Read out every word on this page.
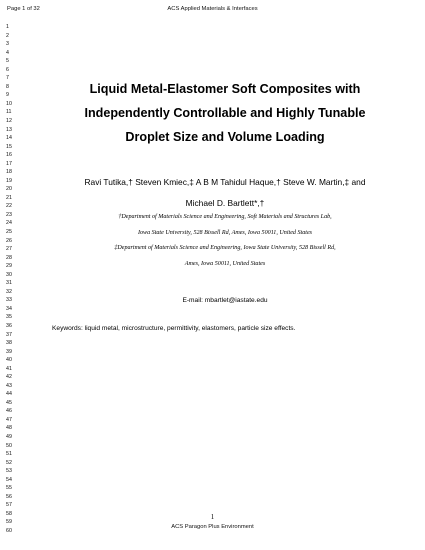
Page 1 of 32	ACS Applied Materials & Interfaces
1
2
3
4
5
6
7
8
9
10
11
12
13
14
15
16
17
18
19
20
21
22
23
24
25
26
27
28
29
30
31
32
33
34
35
36
37
38
39
40
41
42
43
44
45
46
47
48
49
50
51
52
53
54
55
56
57
58
59
60
Liquid Metal-Elastomer Soft Composites with
Independently Controllable and Highly Tunable
Droplet Size and Volume Loading
Ravi Tutika,† Steven Kmiec,‡ A B M Tahidul Haque,† Steve W. Martin,‡ and
Michael D. Bartlett*,†
†Department of Materials Science and Engineering, Soft Materials and Structures Lab,
Iowa State University, 528 Bissell Rd, Ames, Iowa 50011, United States
‡Department of Materials Science and Engineering, Iowa State University, 528 Bissell Rd,
Ames, Iowa 50011, United States
E-mail: mbartlet@iastate.edu
Keywords: liquid metal, microstructure, permittivity, elastomers, particle size effects.
1
ACS Paragon Plus Environment
